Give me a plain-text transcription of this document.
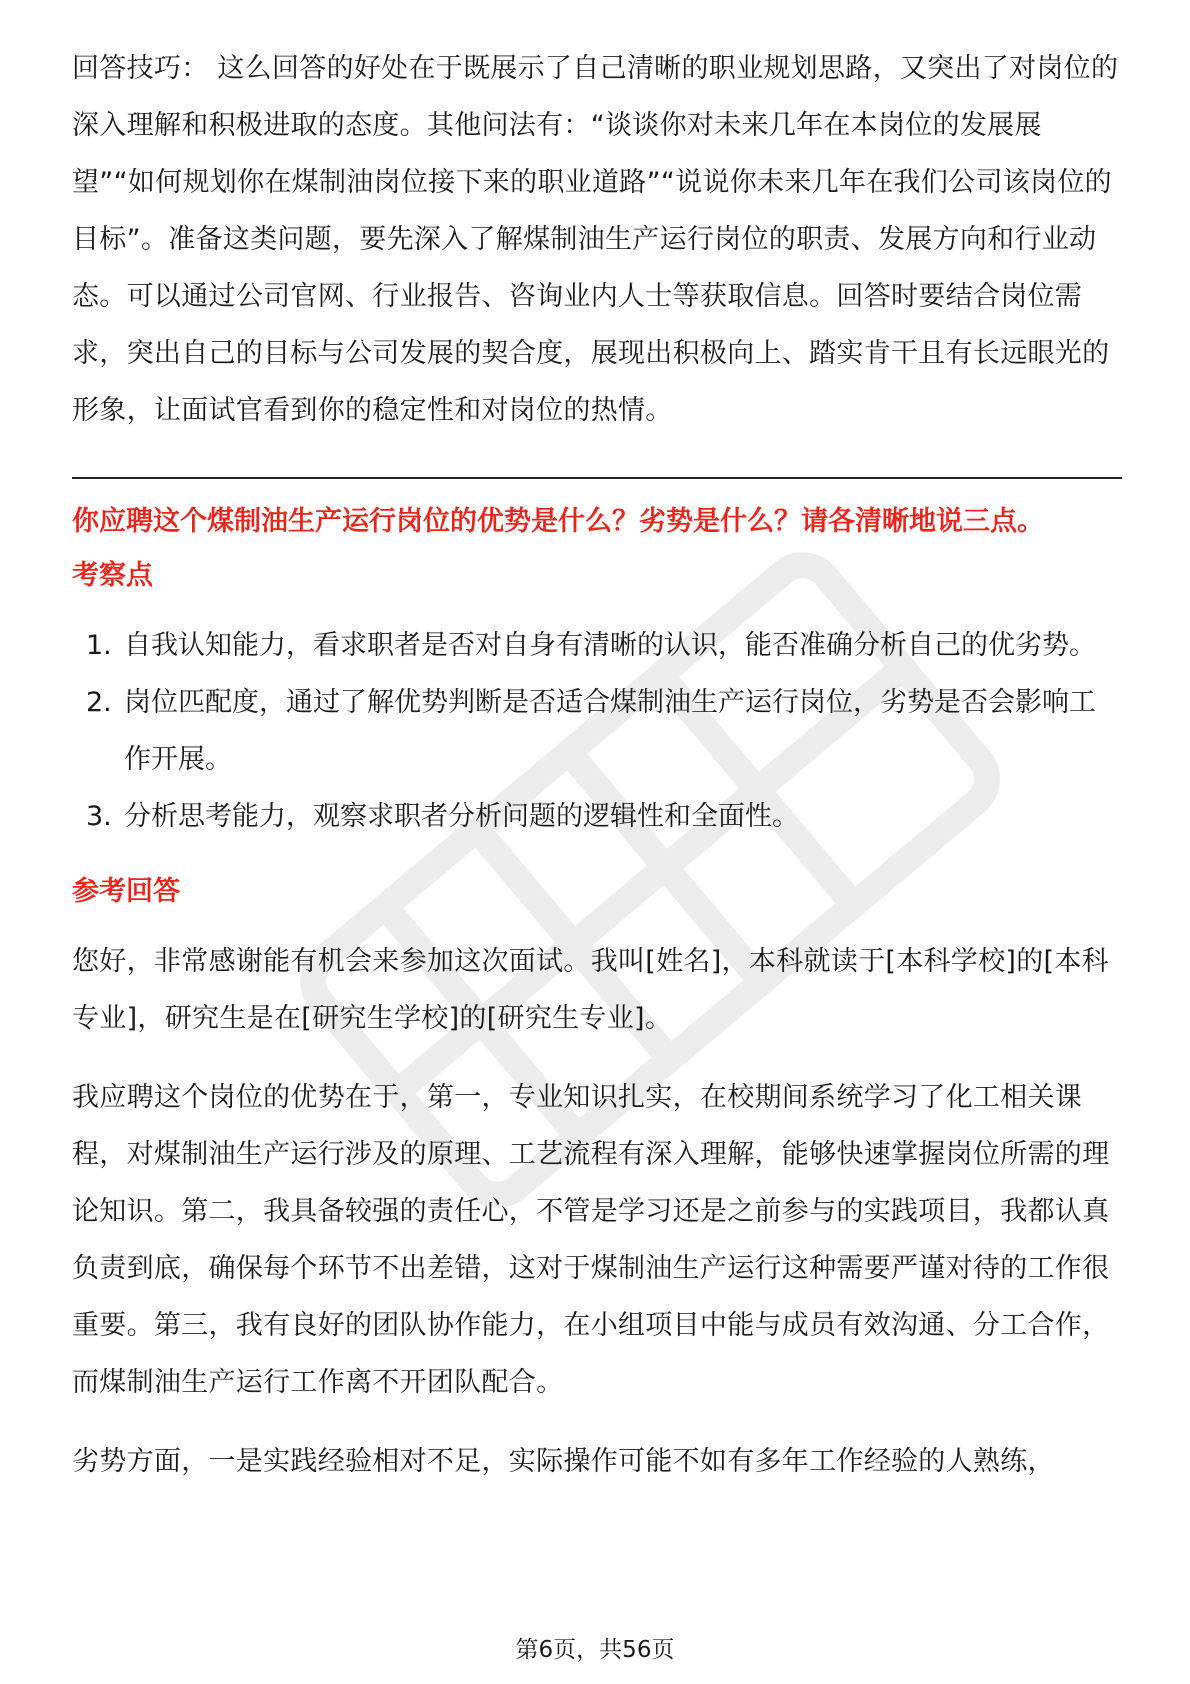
回答技巧： 这么回答的好处在于既展示了自己清晰的职业规划思路，又突出了对岗位的深入理解和积极进取的态度。其他问法有：“谈谈你对未来几年在本岗位的发展展望”“如何规划你在煤制油岗位接下来的职业道路”“说说你未来几年在我们公司该岗位的目标”。准备这类问题，要先深入了解煤制油生产运行岗位的职责、发展方向和行业动态。可以通过公司官网、行业报告、咨询业内人士等获取信息。回答时要结合岗位需求，突出自己的目标与公司发展的契合度，展现出积极向上、踏实肯干且有长远眼光的形象，让面试官看到你的稳定性和对岗位的热情。

你应聘这个煤制油生产运行岗位的优势是什么？劣势是什么？请各清晰地说三点。

考察点

1. 自我认知能力，看求职者是否对自身有清晰的认识，能否准确分析自己的优劣势。
2. 岗位匹配度，通过了解优势判断是否适合煤制油生产运行岗位，劣势是否会影响工作开展。
3. 分析思考能力，观察求职者分析问题的逻辑性和全面性。

参考回答

您好，非常感谢能有机会来参加这次面试。我叫[姓名]，本科就读于[本科学校]的[本科专业]，研究生是在[研究生学校]的[研究生专业]。

我应聘这个岗位的优势在于，第一，专业知识扎实，在校期间系统学习了化工相关课程，对煤制油生产运行涉及的原理、工艺流程有深入理解，能够快速掌握岗位所需的理论知识。第二，我具备较强的责任心，不管是学习还是之前参与的实践项目，我都认真负责到底，确保每个环节不出差错，这对于煤制油生产运行这种需要严谨对待的工作很重要。第三，我有良好的团队协作能力，在小组项目中能与成员有效沟通、分工合作，而煤制油生产运行工作离不开团队配合。

劣势方面，一是实践经验相对不足，实际操作可能不如有多年工作经验的人熟练，

第6页，共56页
